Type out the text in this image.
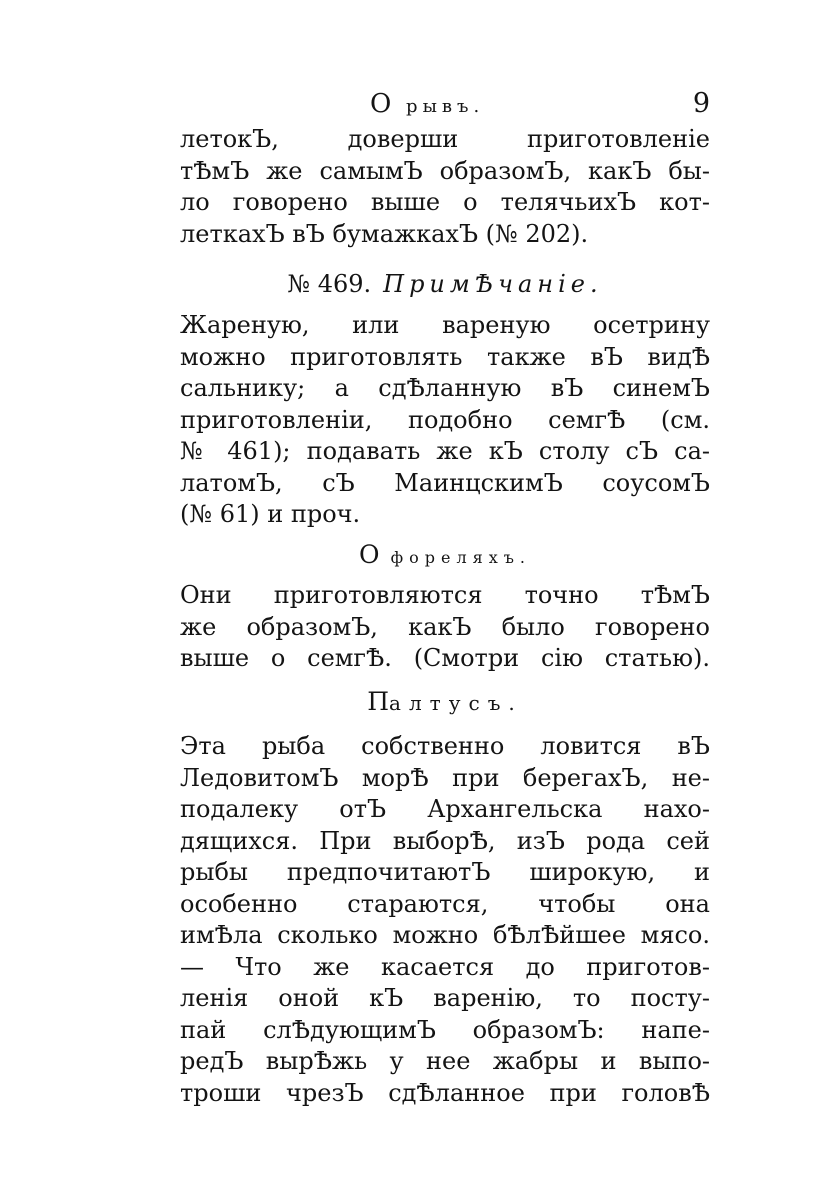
О рывъ.	9
летокЪ, доверши приготовленiе
тѢмЪ же самымЪ образомЪ, какЪ бы-
ло говорено выше о телячьихЪ кот-
леткахЪ вЪ бумажкахЪ (№ 202).
№ 469. ПримѢчанiе.
Жареную, или вареную осетрину
можно приготовлять также вЪ видѢ
сальнику; а сдѢланную вЪ синемЪ
приготовленiи, подобно семгѢ (см.
№ 461); подавать же кЪ столу сЪ са-
латомЪ, сЪ МаинцскимЪ соусомЪ
(№ 61) и проч.
О фореляхъ.
Они приготовляются точно тѢмЪ
же образомЪ, какЪ было говорено
выше о семгѢ. (Смотри сiю статью).
Палтусъ.
Эта рыба собственно ловится вЪ
ЛедовитомЪ морѢ при берегахЪ, не-
подалеку отЪ Архангельска нахо-
дящихся. При выборѢ, изЪ рода сей
рыбы предпочитаютЪ широкую, и
особенно стараются, чтобы она
имѢла сколько можно бѢлѢйшее мясо.
— Что же касается до приготов-
ленiя оной кЪ варенiю, то посту-
пай слѢдующимЪ образомЪ: напе-
редЪ вырѢжь у нее жабры и выпо-
троши чрезЪ сдѢланное при головѢ
